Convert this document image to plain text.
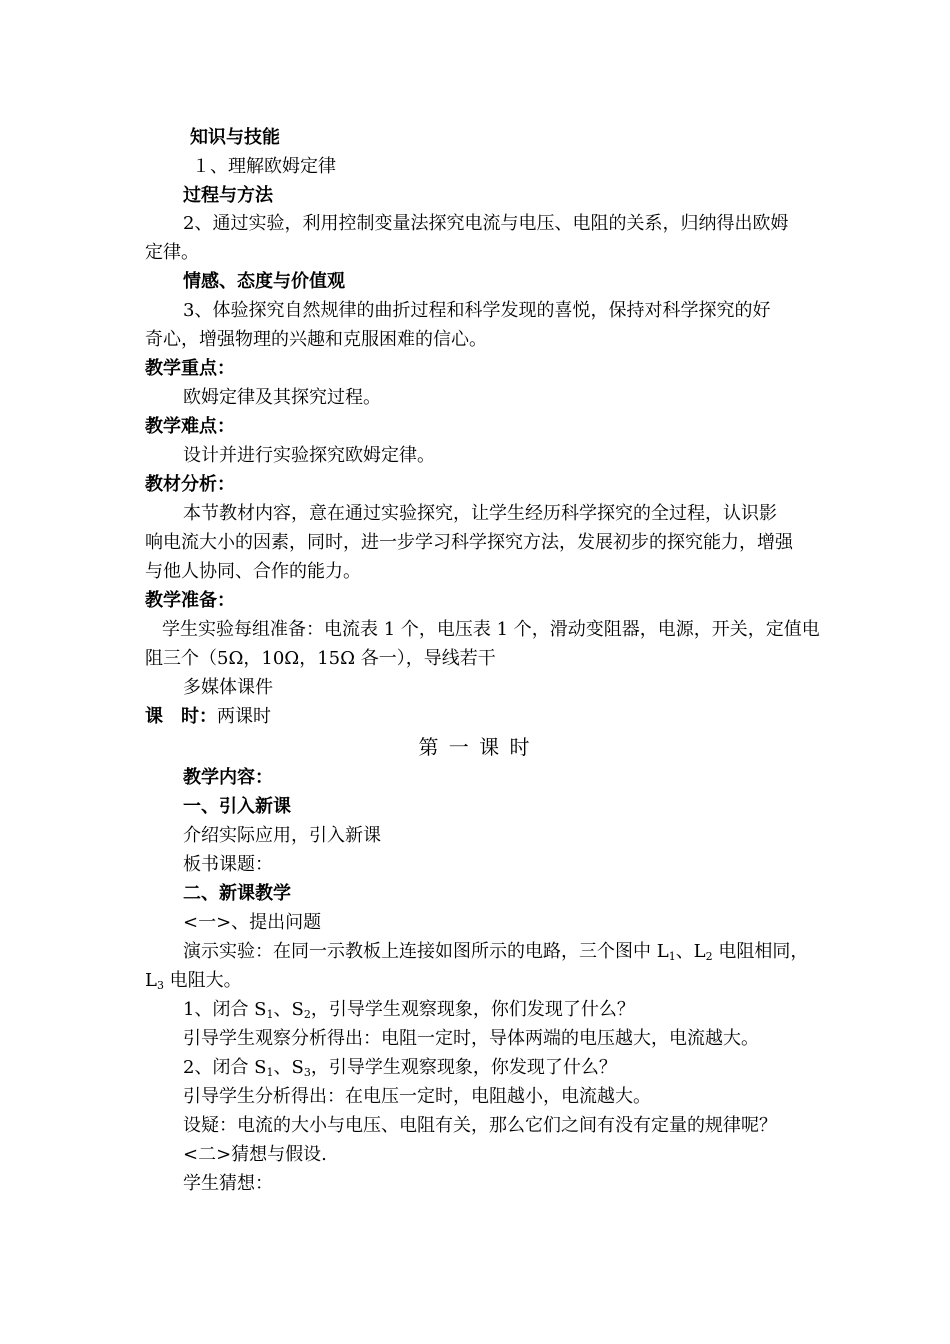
知识与技能
１、理解欧姆定律
过程与方法
2、通过实验，利用控制变量法探究电流与电压、电阻的关系，归纳得出欧姆
定律。
情感、态度与价值观
3、体验探究自然规律的曲折过程和科学发现的喜悦，保持对科学探究的好
奇心，增强物理的兴趣和克服困难的信心。
教学重点：
欧姆定律及其探究过程。
教学难点：
设计并进行实验探究欧姆定律。
教材分析：
本节教材内容，意在通过实验探究，让学生经历科学探究的全过程，认识影
响电流大小的因素，同时，进一步学习科学探究方法，发展初步的探究能力，增强
与他人协同、合作的能力。
教学准备：
学生实验每组准备：电流表 1 个，电压表 1 个，滑动变阻器，电源，开关，定值电
阻三个（5Ω，10Ω，15Ω 各一），导线若干
多媒体课件
课　时：两课时
第 一 课 时
教学内容：
一、引入新课
介绍实际应用，引入新课
板书课题：
二、新课教学
<一>、提出问题
演示实验：在同一示教板上连接如图所示的电路，三个图中 $L_1$、$L_2$ 电阻相同，
$L_3$ 电阻大。
1、闭合 $S_1$、$S_2$，引导学生观察现象，你们发现了什么？
引导学生观察分析得出：电阻一定时，导体两端的电压越大，电流越大。
2、闭合 $S_1$、$S_3$，引导学生观察现象，你发现了什么？
引导学生分析得出：在电压一定时，电阻越小，电流越大。
设疑：电流的大小与电压、电阻有关，那么它们之间有没有定量的规律呢？
<二>猜想与假设.
学生猜想：
